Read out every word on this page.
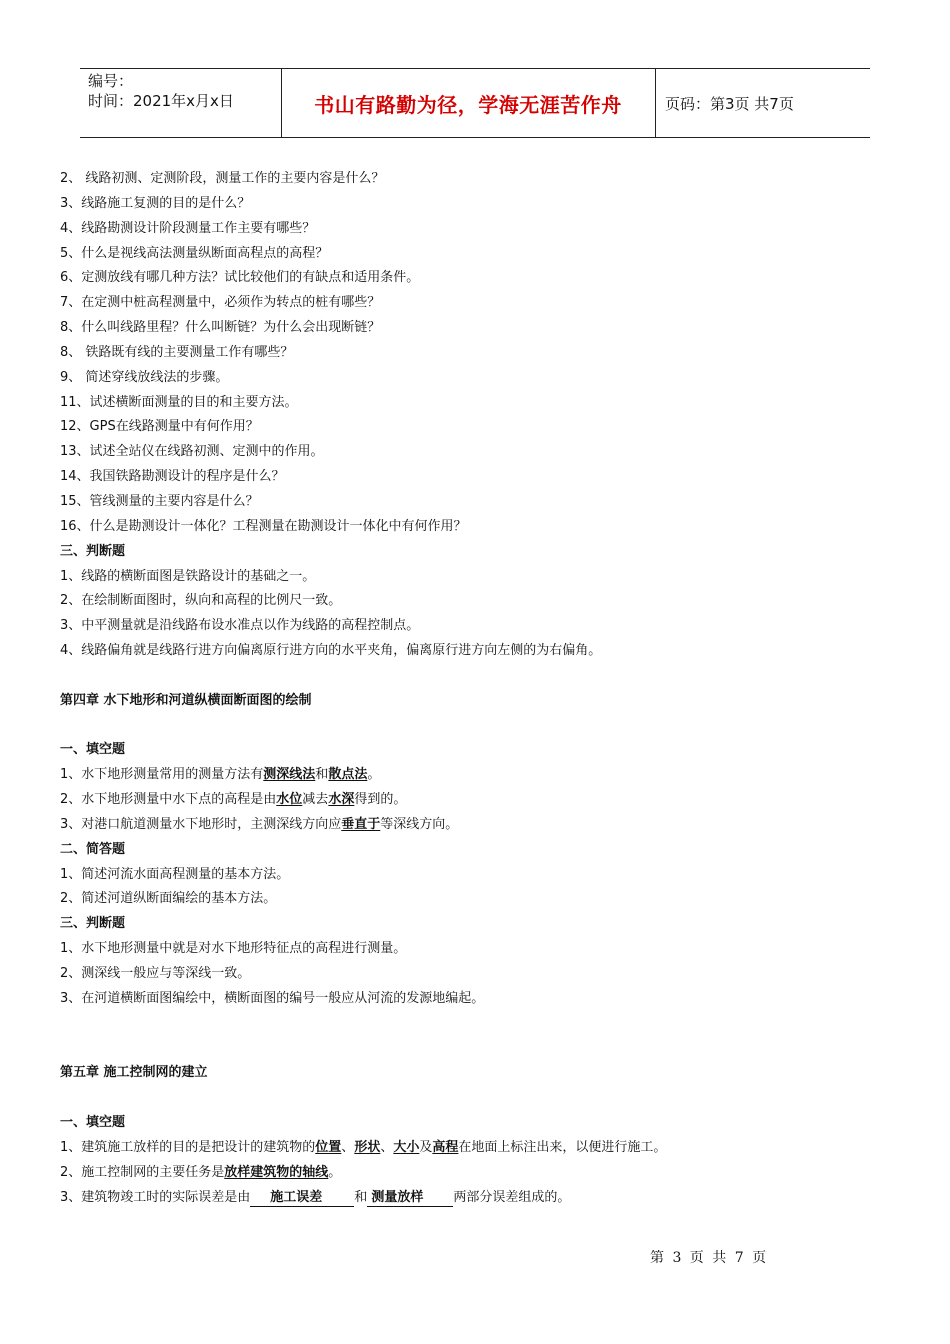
编号：
时间：2021年x月x日	书山有路勤为径，学海无涯苦作舟	页码：第3页 共7页
2、 线路初测、定测阶段，测量工作的主要内容是什么？
3、线路施工复测的目的是什么？
4、线路勘测设计阶段测量工作主要有哪些？
5、什么是视线高法测量纵断面高程点的高程？
6、定测放线有哪几种方法？试比较他们的有缺点和适用条件。
7、在定测中桩高程测量中，必须作为转点的桩有哪些？
8、什么叫线路里程？什么叫断链？为什么会出现断链？
8、 铁路既有线的主要测量工作有哪些？
9、 简述穿线放线法的步骤。
11、试述横断面测量的目的和主要方法。
12、GPS在线路测量中有何作用？
13、试述全站仪在线路初测、定测中的作用。
14、我国铁路勘测设计的程序是什么？
15、管线测量的主要内容是什么？
16、什么是勘测设计一体化？工程测量在勘测设计一体化中有何作用？
三、判断题
1、线路的横断面图是铁路设计的基础之一。
2、在绘制断面图时，纵向和高程的比例尺一致。
3、中平测量就是沿线路布设水准点以作为线路的高程控制点。
4、线路偏角就是线路行进方向偏离原行进方向的水平夹角，偏离原行进方向左侧的为右偏角。
第四章 水下地形和河道纵横面断面图的绘制
一、填空题
1、水下地形测量常用的测量方法有测深线法和散点法。
2、水下地形测量中水下点的高程是由水位减去水深得到的。
3、对港口航道测量水下地形时，主测深线方向应垂直于等深线方向。
二、简答题
1、简述河流水面高程测量的基本方法。
2、简述河道纵断面编绘的基本方法。
三、判断题
1、水下地形测量中就是对水下地形特征点的高程进行测量。
2、测深线一般应与等深线一致。
3、在河道横断面图编绘中，横断面图的编号一般应从河流的发源地编起。
第五章 施工控制网的建立
一、填空题
1、建筑施工放样的目的是把设计的建筑物的位置、形状、大小及高程在地面上标注出来，以便进行施工。
2、施工控制网的主要任务是放样建筑物的轴线。
3、建筑物竣工时的实际误差是由 施工误差 和 测量放样 两部分误差组成的。
第 3 页 共 7 页
